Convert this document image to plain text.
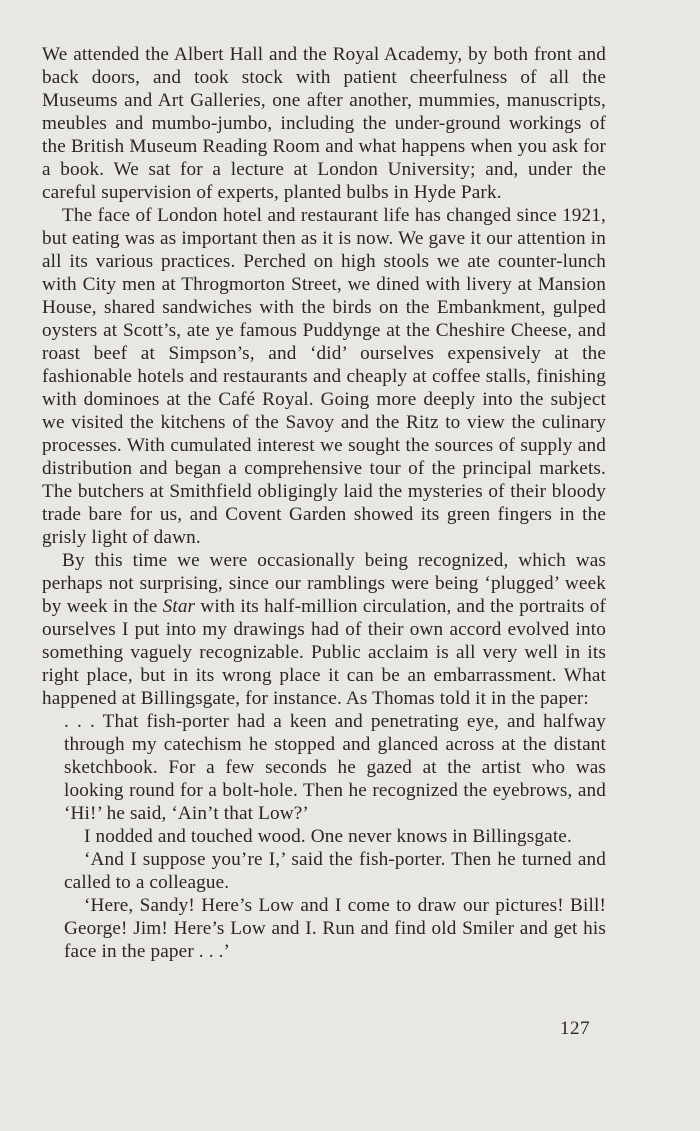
We attended the Albert Hall and the Royal Academy, by both front and back doors, and took stock with patient cheerfulness of all the Museums and Art Galleries, one after another, mummies, manuscripts, meubles and mumbo-jumbo, including the under-ground workings of the British Museum Reading Room and what happens when you ask for a book. We sat for a lecture at London University; and, under the careful supervision of experts, planted bulbs in Hyde Park.

The face of London hotel and restaurant life has changed since 1921, but eating was as important then as it is now. We gave it our attention in all its various practices. Perched on high stools we ate counter-lunch with City men at Throgmorton Street, we dined with livery at Mansion House, shared sandwiches with the birds on the Embankment, gulped oysters at Scott’s, ate ye famous Puddynge at the Cheshire Cheese, and roast beef at Simpson’s, and ‘did’ ourselves expensively at the fashionable hotels and restaurants and cheaply at coffee stalls, finishing with dominoes at the Café Royal. Going more deeply into the subject we visited the kitchens of the Savoy and the Ritz to view the culinary processes. With cumulated interest we sought the sources of supply and distribution and began a comprehensive tour of the principal markets. The butchers at Smithfield obligingly laid the mysteries of their bloody trade bare for us, and Covent Garden showed its green fingers in the grisly light of dawn.

By this time we were occasionally being recognized, which was perhaps not surprising, since our ramblings were being ‘plugged’ week by week in the Star with its half-million circulation, and the portraits of ourselves I put into my drawings had of their own accord evolved into something vaguely recognizable. Public acclaim is all very well in its right place, but in its wrong place it can be an embarrassment. What happened at Billingsgate, for instance. As Thomas told it in the paper:

. . . That fish-porter had a keen and penetrating eye, and halfway through my catechism he stopped and glanced across at the distant sketchbook. For a few seconds he gazed at the artist who was looking round for a bolt-hole. Then he recognized the eyebrows, and ‘Hi!’ he said, ‘Ain’t that Low?’

I nodded and touched wood. One never knows in Billingsgate.

‘And I suppose you’re I,’ said the fish-porter. Then he turned and called to a colleague.

‘Here, Sandy! Here’s Low and I come to draw our pictures! Bill! George! Jim! Here’s Low and I. Run and find old Smiler and get his face in the paper . . .’

127
